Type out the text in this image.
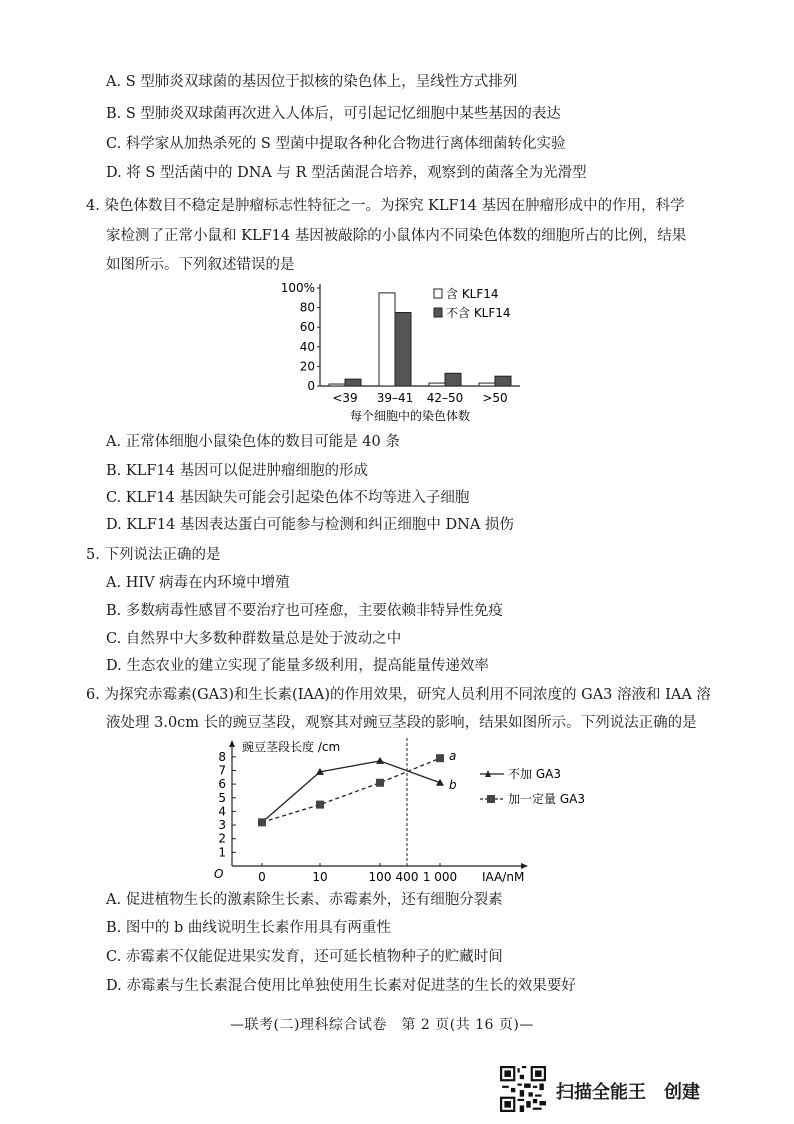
A. S 型肺炎双球菌的基因位于拟核的染色体上，呈线性方式排列
B. S 型肺炎双球菌再次进入人体后，可引起记忆细胞中某些基因的表达
C. 科学家从加热杀死的 S 型菌中提取各种化合物进行离体细菌转化实验
D. 将 S 型活菌中的 DNA 与 R 型活菌混合培养，观察到的菌落全为光滑型
4. 染色体数目不稳定是肿瘤标志性特征之一。为探究 KLF14 基因在肿瘤形成中的作用，科学
家检测了正常小鼠和 KLF14 基因被敲除的小鼠体内不同染色体数的细胞所占的比例，结果
如图所示。下列叙述错误的是
0
20
40
60
80
100%
<39 39–41 42–50 >50
每个细胞中的染色体数
含 KLF14
不含 KLF14
A. 正常体细胞小鼠染色体的数目可能是 40 条
B. KLF14 基因可以促进肿瘤细胞的形成
C. KLF14 基因缺失可能会引起染色体不均等进入子细胞
D. KLF14 基因表达蛋白可能参与检测和纠正细胞中 DNA 损伤
5. 下列说法正确的是
A. HIV 病毒在内环境中增殖
B. 多数病毒性感冒不要治疗也可痊愈，主要依赖非特异性免疫
C. 自然界中大多数种群数量总是处于波动之中
D. 生态农业的建立实现了能量多级利用，提高能量传递效率
6. 为探究赤霉素(GA3)和生长素(IAA)的作用效果，研究人员利用不同浓度的 GA3 溶液和 IAA 溶
液处理 3.0cm 长的豌豆茎段，观察其对豌豆茎段的影响，结果如图所示。下列说法正确的是
O
豌豆茎段长度 /cm
IAA/nM
1
2
3
4
5
6
7
8
0	10	100 400 1 000
b
a
不加 GA3
加一定量 GA3
A. 促进植物生长的激素除生长素、赤霉素外，还有细胞分裂素
B. 图中的 b 曲线说明生长素作用具有两重性
C. 赤霉素不仅能促进果实发育，还可延长植物种子的贮藏时间
D. 赤霉素与生长素混合使用比单独使用生长素对促进茎的生长的效果要好
—联考(二)理科综合试卷　第 2 页(共 16 页)—
扫描全能王　创建
